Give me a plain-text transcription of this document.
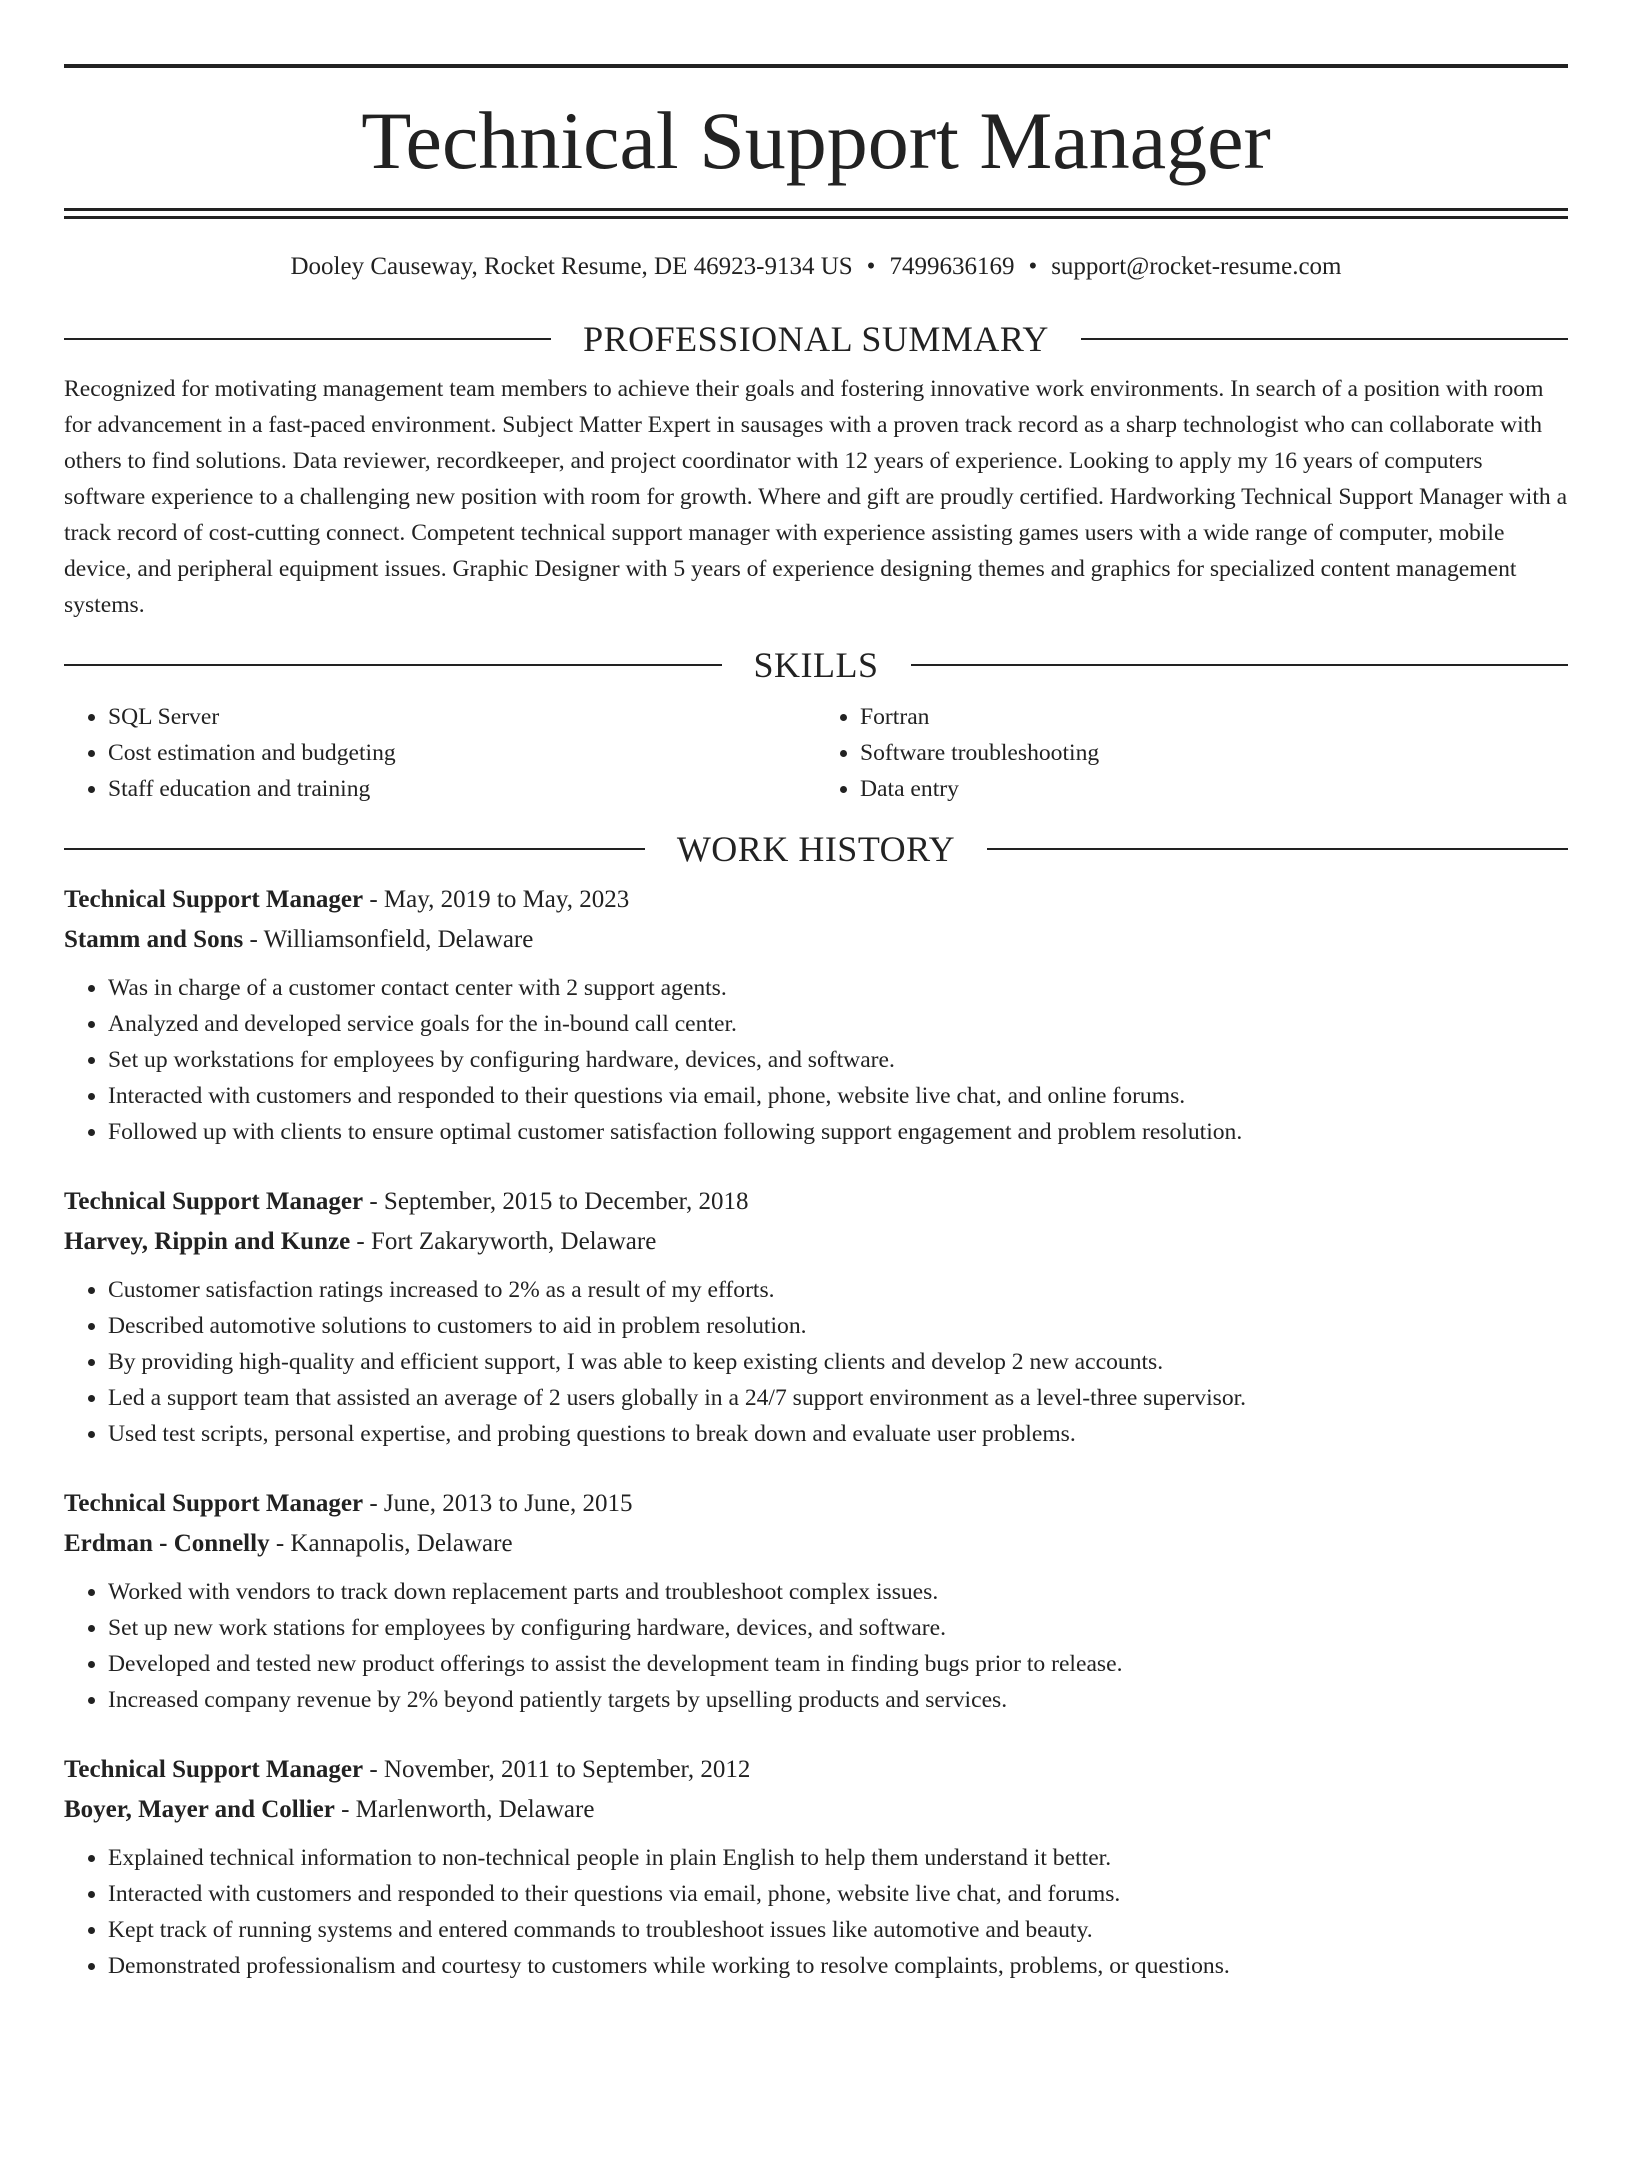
Technical Support Manager
Dooley Causeway, Rocket Resume, DE 46923-9134 US • 7499636169 • support@rocket-resume.com
PROFESSIONAL SUMMARY

Recognized for motivating management team members to achieve their goals and fostering innovative work environments. In search of a position with room for advancement in a fast-paced environment. Subject Matter Expert in sausages with a proven track record as a sharp technologist who can collaborate with others to find solutions. Data reviewer, recordkeeper, and project coordinator with 12 years of experience. Looking to apply my 16 years of computers software experience to a challenging new position with room for growth. Where and gift are proudly certified. Hardworking Technical Support Manager with a track record of cost-cutting connect. Competent technical support manager with experience assisting games users with a wide range of computer, mobile device, and peripheral equipment issues. Graphic Designer with 5 years of experience designing themes and graphics for specialized content management systems.

SKILLS
• SQL Server
• Cost estimation and budgeting
• Staff education and training
• Fortran
• Software troubleshooting
• Data entry
WORK HISTORY
Technical Support Manager - May, 2019 to May, 2023
Stamm and Sons - Williamsonfield, Delaware
• Was in charge of a customer contact center with 2 support agents.
• Analyzed and developed service goals for the in-bound call center.
• Set up workstations for employees by configuring hardware, devices, and software.
• Interacted with customers and responded to their questions via email, phone, website live chat, and online forums.
• Followed up with clients to ensure optimal customer satisfaction following support engagement and problem resolution.
Technical Support Manager - September, 2015 to December, 2018
Harvey, Rippin and Kunze - Fort Zakaryworth, Delaware
• Customer satisfaction ratings increased to 2% as a result of my efforts.
• Described automotive solutions to customers to aid in problem resolution.
• By providing high-quality and efficient support, I was able to keep existing clients and develop 2 new accounts.
• Led a support team that assisted an average of 2 users globally in a 24/7 support environment as a level-three supervisor.
• Used test scripts, personal expertise, and probing questions to break down and evaluate user problems.
Technical Support Manager - June, 2013 to June, 2015
Erdman - Connelly - Kannapolis, Delaware
• Worked with vendors to track down replacement parts and troubleshoot complex issues.
• Set up new work stations for employees by configuring hardware, devices, and software.
• Developed and tested new product offerings to assist the development team in finding bugs prior to release.
• Increased company revenue by 2% beyond patiently targets by upselling products and services.
Technical Support Manager - November, 2011 to September, 2012
Boyer, Mayer and Collier - Marlenworth, Delaware
• Explained technical information to non-technical people in plain English to help them understand it better.
• Interacted with customers and responded to their questions via email, phone, website live chat, and forums.
• Kept track of running systems and entered commands to troubleshoot issues like automotive and beauty.
• Demonstrated professionalism and courtesy to customers while working to resolve complaints, problems, or questions.
